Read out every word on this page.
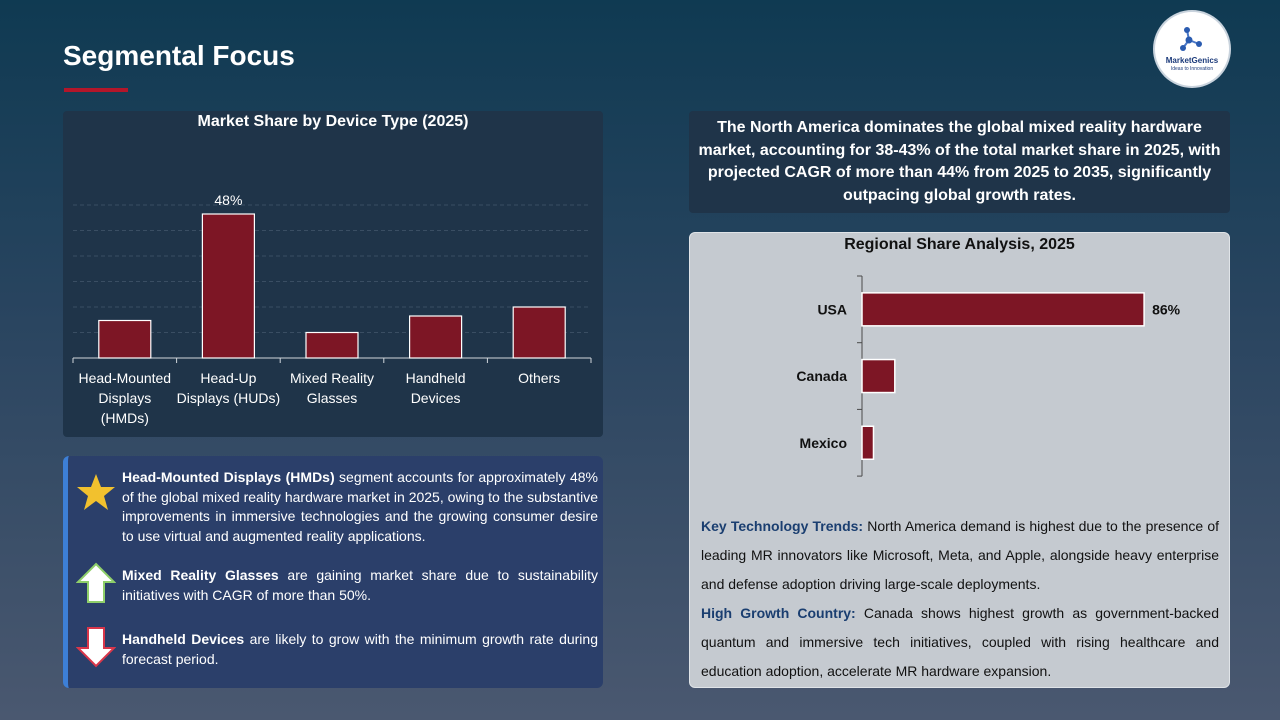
Segmental Focus	MarketGenics
Ideas to Innovation
48%
Market Share by Device Type (2025)
Head-Mounted
Displays
(HMDs)
Head-Up
Displays (HUDs)
Mixed Reality
Glasses
Handheld
Devices
Others
Head-Mounted Displays (HMDs) segment accounts for approximately 48% of the global mixed reality hardware market in 2025, owing to the substantive improvements in immersive technologies and the growing consumer desire to use virtual and augmented reality applications.
Mixed Reality Glasses are gaining market share due to sustainability initiatives with CAGR of more than 50%.
Handheld Devices are likely to grow with the minimum growth rate during forecast period.
The North America dominates the global mixed reality hardware market, accounting for 38-43% of the total market share in 2025, with projected CAGR of more than 44% from 2025 to 2035, significantly outpacing global growth rates.
USA	86%
Canada
Mexico
Regional Share Analysis, 2025

Key Technology Trends: North America demand is highest due to the presence of leading MR innovators like Microsoft, Meta, and Apple, alongside heavy enterprise and defense adoption driving large-scale deployments.

High Growth Country: Canada shows highest growth as government-backed quantum and immersive tech initiatives, coupled with rising healthcare and education adoption, accelerate MR hardware expansion.
